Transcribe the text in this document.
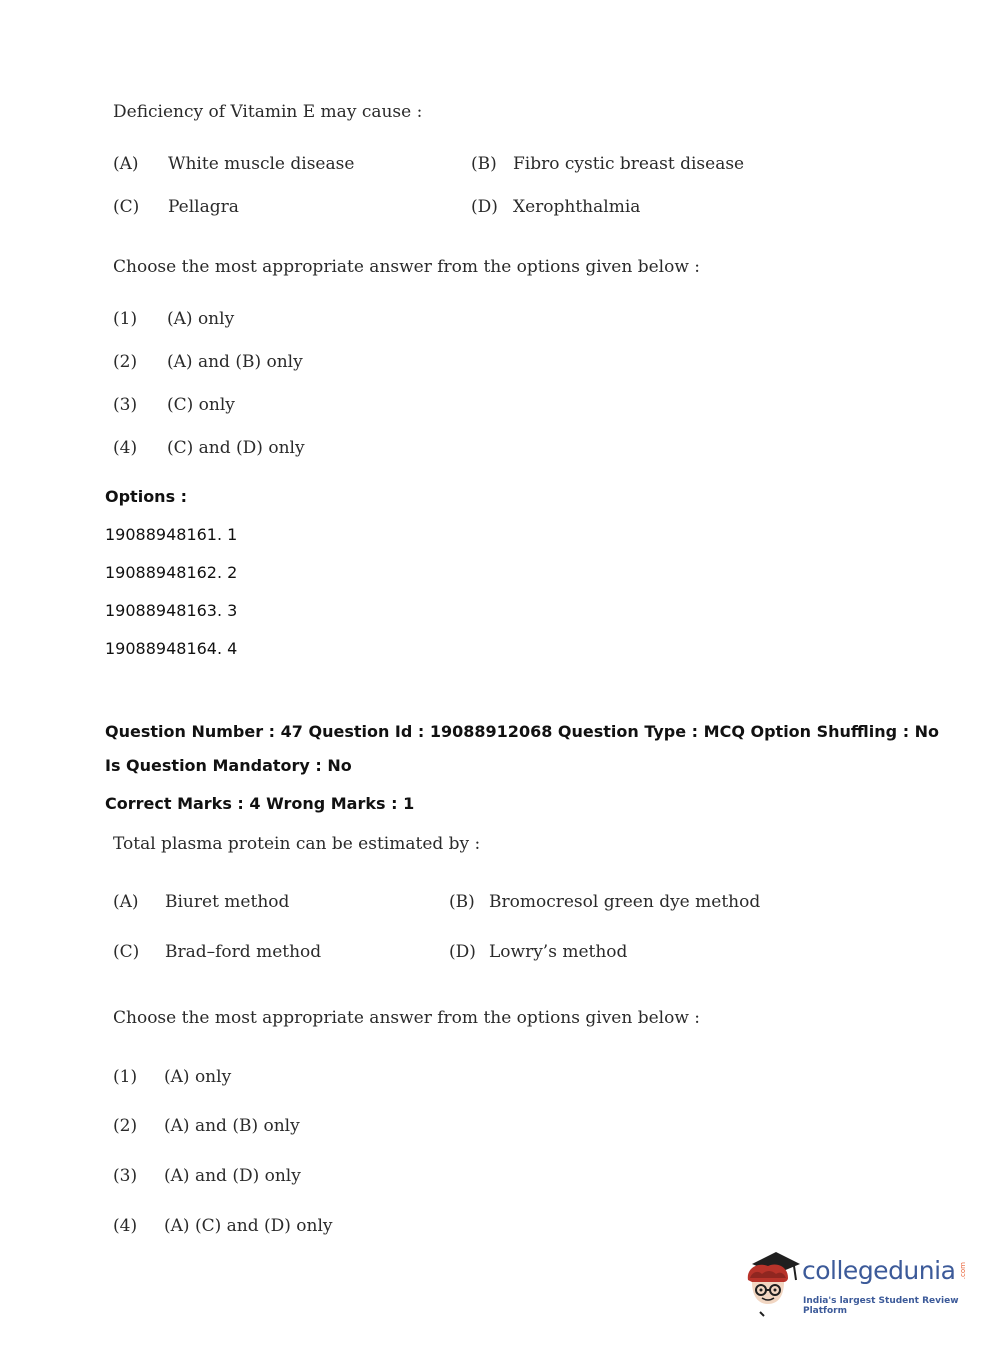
Deficiency of Vitamin E may cause :
(A) White muscle disease	(B) Fibro cystic breast disease
(C) Pellagra	(D) Xerophthalmia
Choose the most appropriate answer from the options given below :
(1) (A) only
(2) (A) and (B) only
(3) (C) only
(4) (C) and (D) only
Options :
19088948161. 1
19088948162. 2
19088948163. 3
19088948164. 4
Question Number : 47 Question Id : 19088912068 Question Type : MCQ Option Shuffling : No
Is Question Mandatory : No
Correct Marks : 4 Wrong Marks : 1
Total plasma protein can be estimated by :
(A) Biuret method	(B) Bromocresol green dye method
(C) Brad–ford method	(D) Lowry’s method
Choose the most appropriate answer from the options given below :
(1) (A) only
(2) (A) and (B) only
(3) (A) and (D) only
(4) (A) (C) and (D) only
collegedunia .com
India's largest Student Review Platform
